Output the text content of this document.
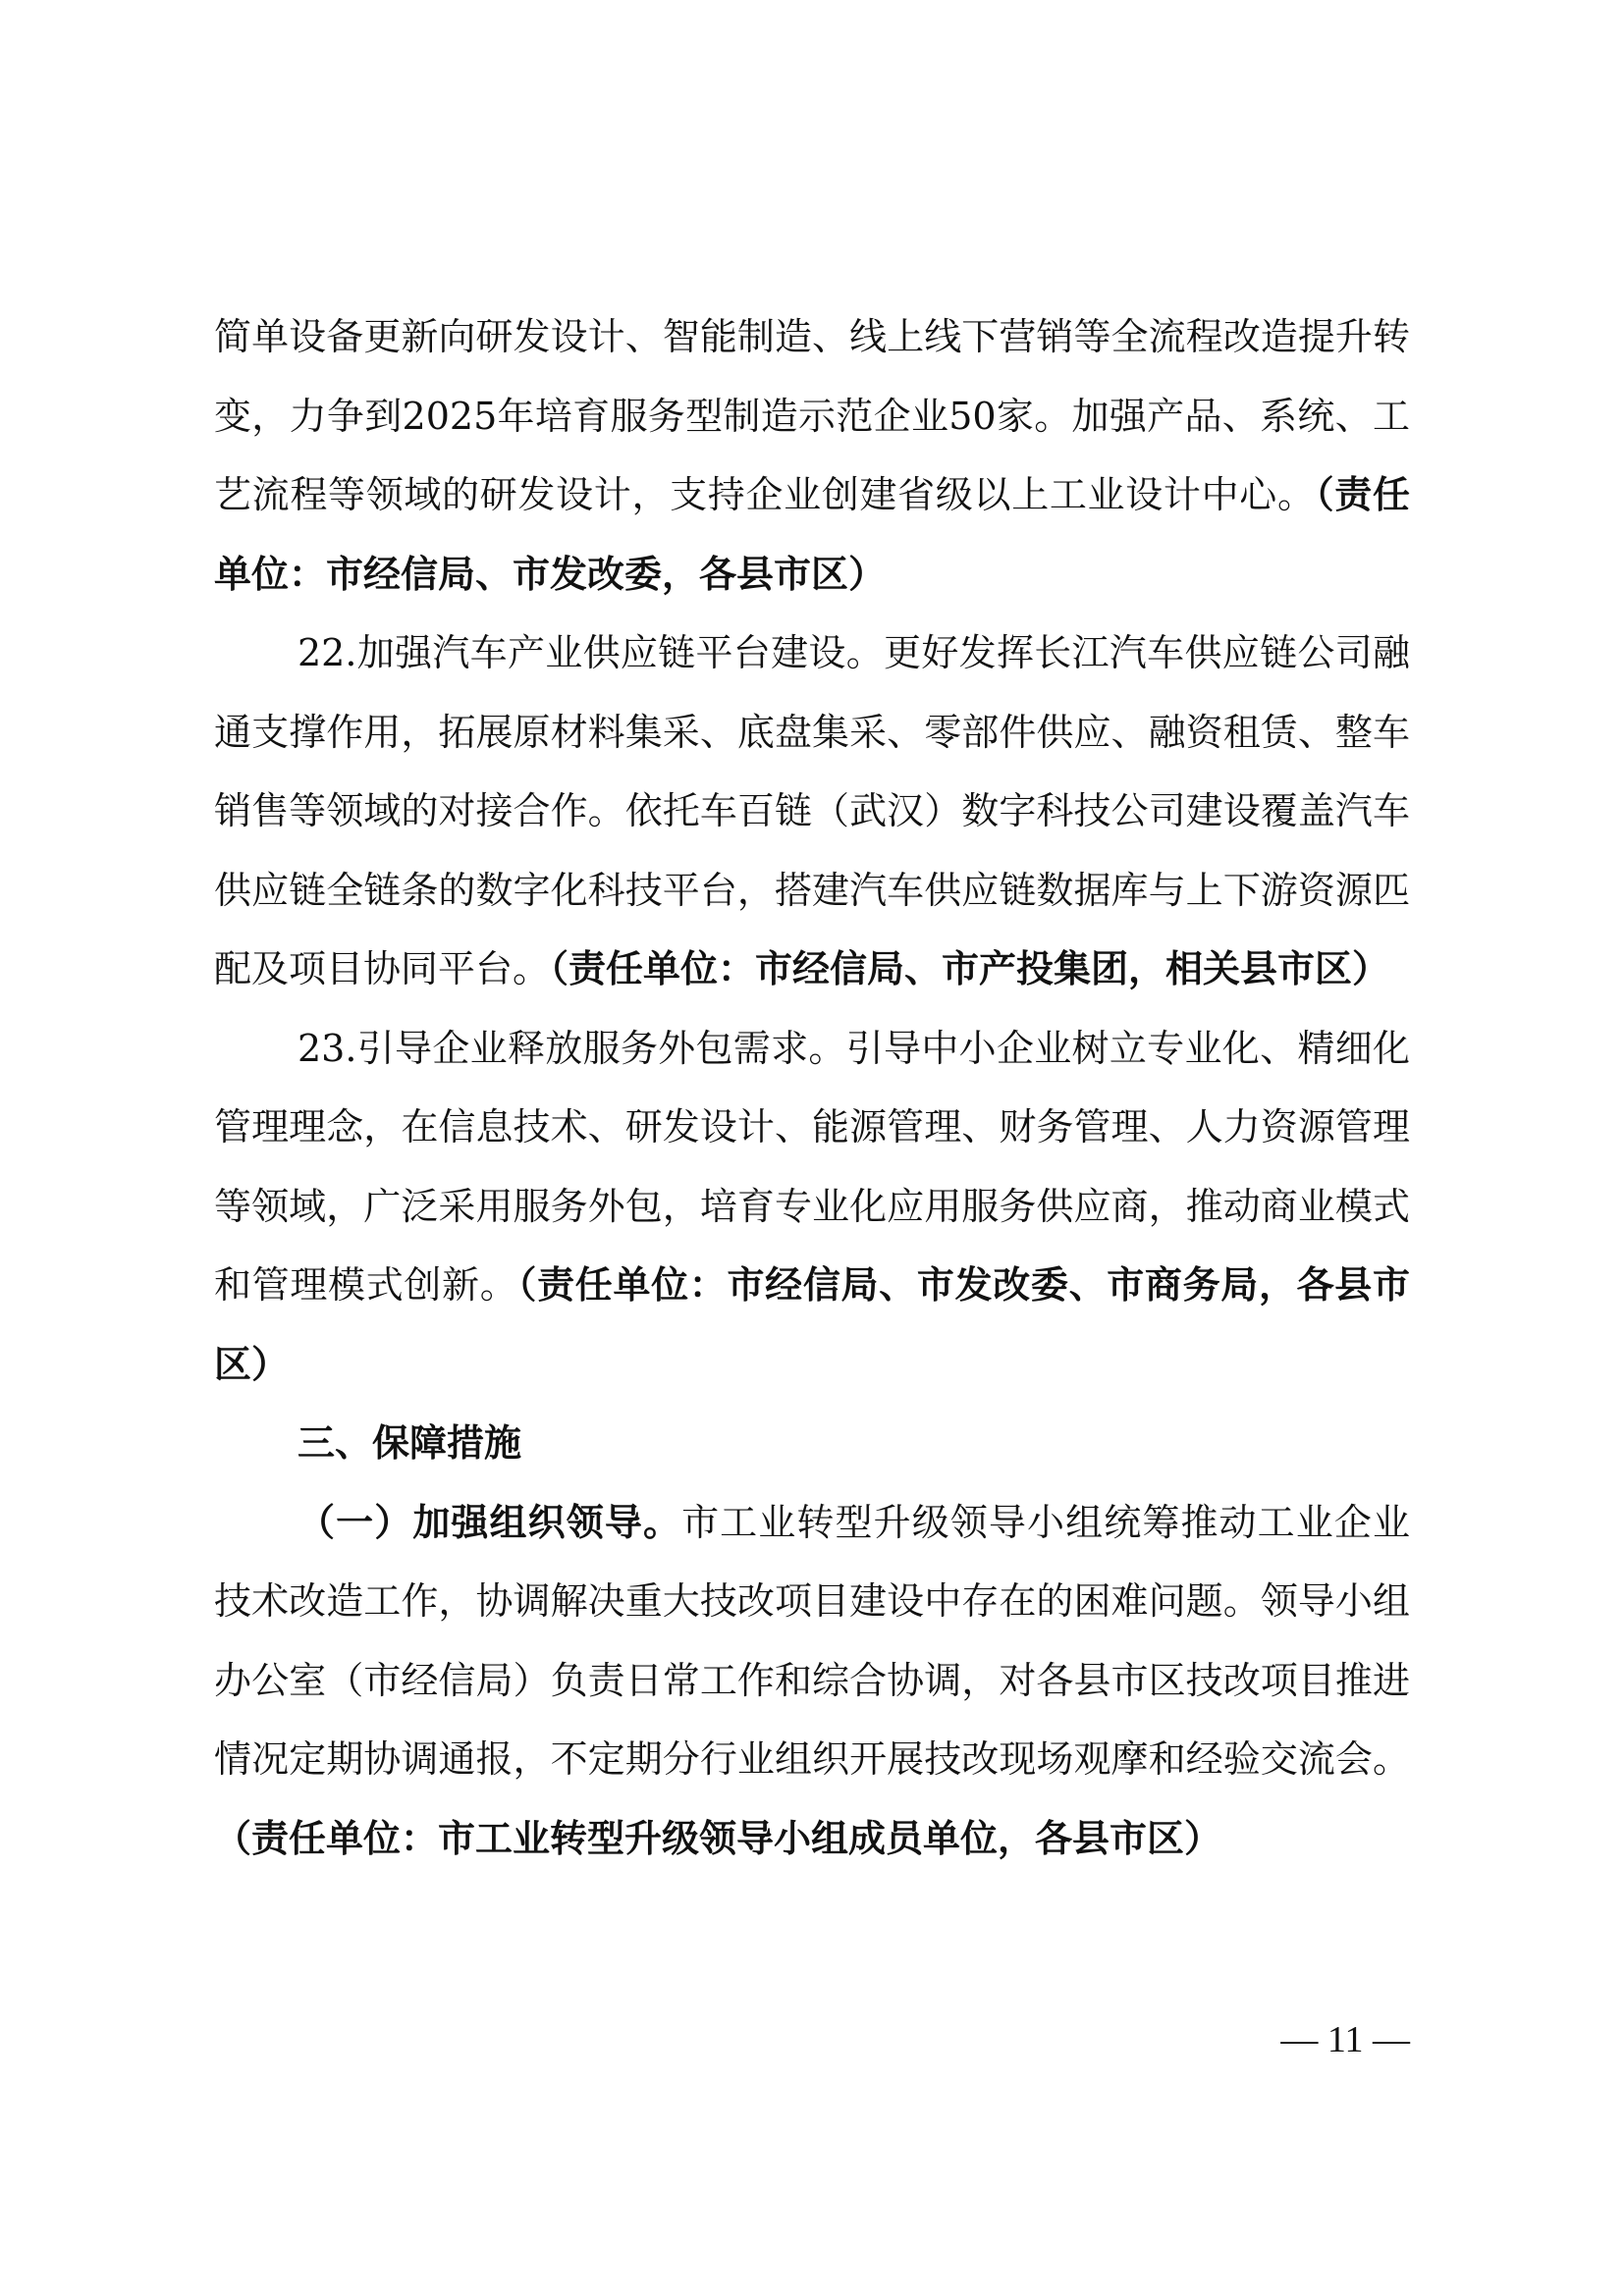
简单设备更新向研发设计、智能制造、线上线下营销等全流程改造提升转变，力争到2025年培育服务型制造示范企业50家。加强产品、系统、工艺流程等领域的研发设计，支持企业创建省级以上工业设计中心。（责任单位：市经信局、市发改委，各县市区）

22.加强汽车产业供应链平台建设。更好发挥长江汽车供应链公司融通支撑作用，拓展原材料集采、底盘集采、零部件供应、融资租赁、整车销售等领域的对接合作。依托车百链（武汉）数字科技公司建设覆盖汽车供应链全链条的数字化科技平台，搭建汽车供应链数据库与上下游资源匹配及项目协同平台。（责任单位：市经信局、市产投集团，相关县市区）

23.引导企业释放服务外包需求。引导中小企业树立专业化、精细化管理理念，在信息技术、研发设计、能源管理、财务管理、人力资源管理等领域，广泛采用服务外包，培育专业化应用服务供应商，推动商业模式和管理模式创新。（责任单位：市经信局、市发改委、市商务局，各县市区）

三、保障措施

（一）加强组织领导。市工业转型升级领导小组统筹推动工业企业技术改造工作，协调解决重大技改项目建设中存在的困难问题。领导小组办公室（市经信局）负责日常工作和综合协调，对各县市区技改项目推进情况定期协调通报，不定期分行业组织开展技改现场观摩和经验交流会。（责任单位：市工业转型升级领导小组成员单位，各县市区）

— 11 —
